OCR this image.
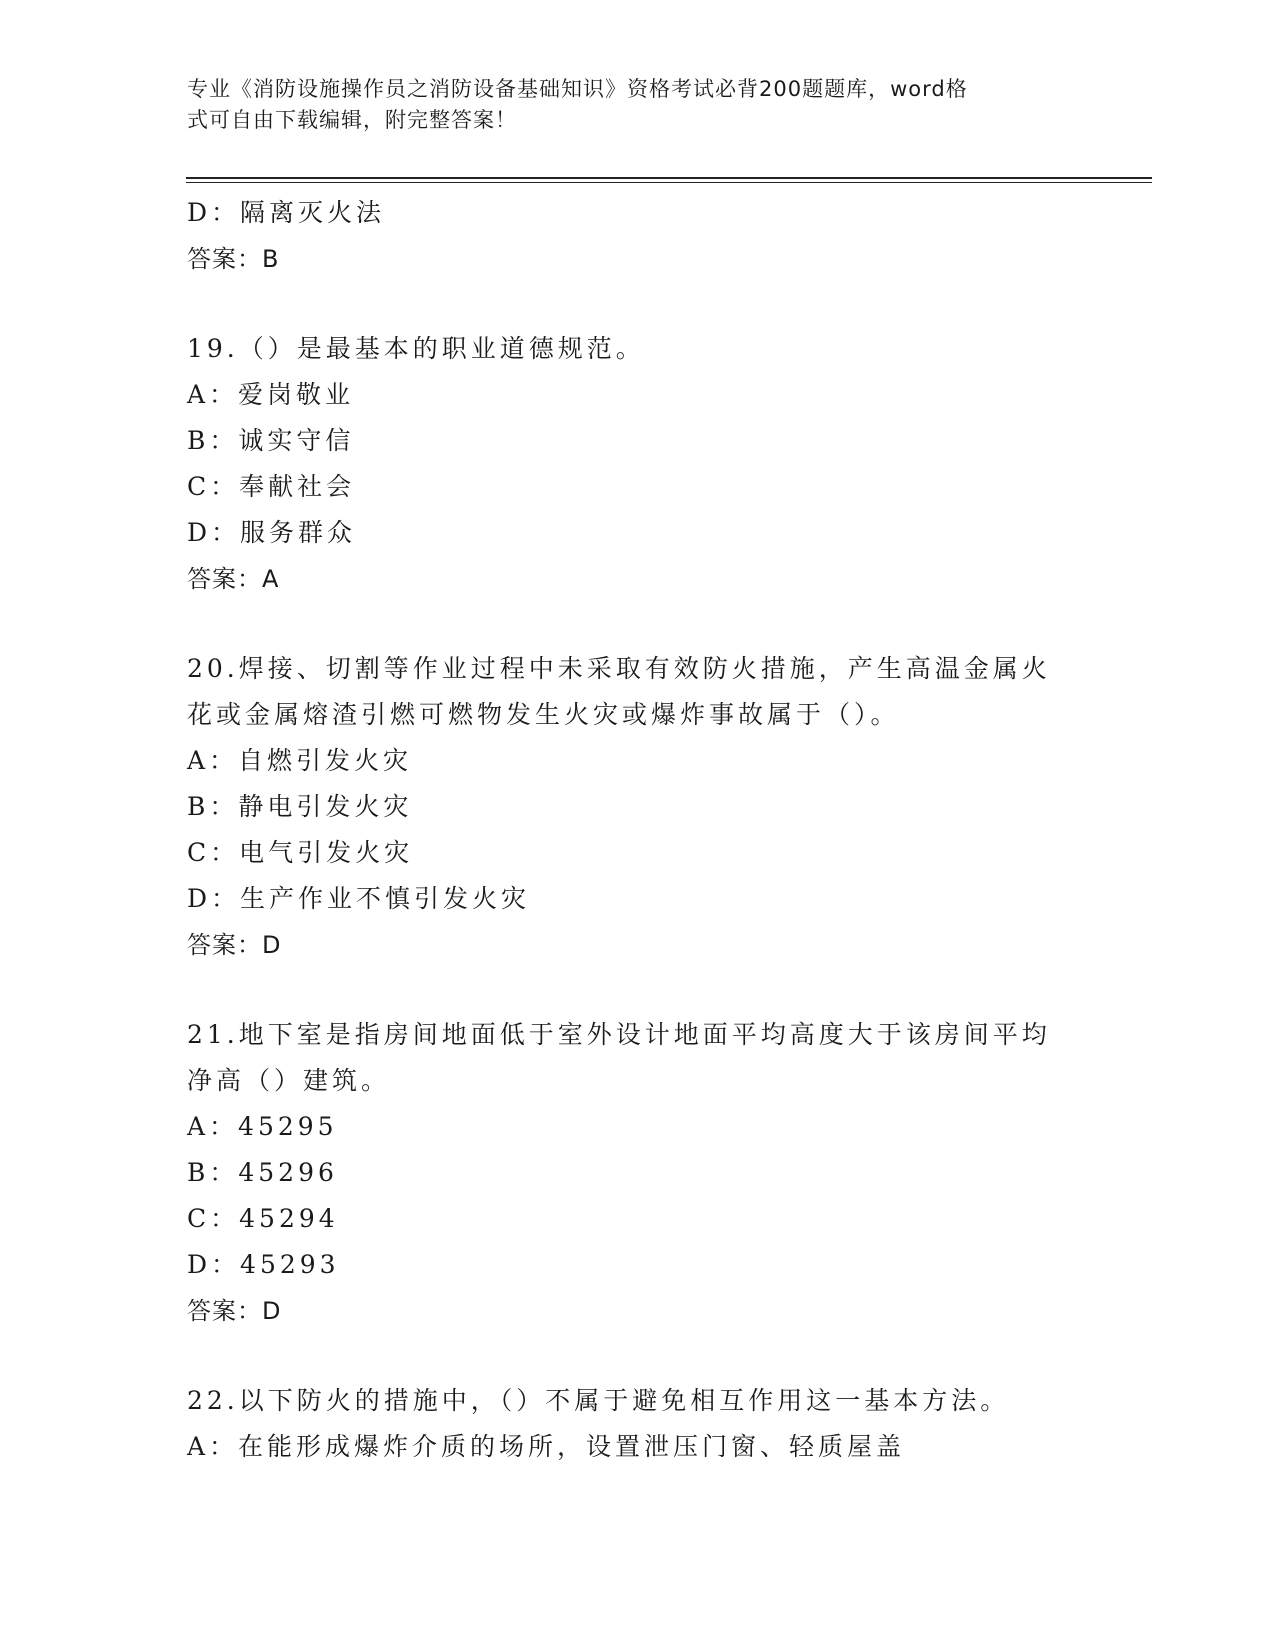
专业《消防设施操作员之消防设备基础知识》资格考试必背200题题库，word格
式可自由下载编辑，附完整答案！
D：隔离灭火法
答案：B
19.（）是最基本的职业道德规范。
A：爱岗敬业
B：诚实守信
C：奉献社会
D：服务群众
答案：A
20.焊接、切割等作业过程中未采取有效防火措施，产生高温金属火花或金属熔渣引燃可燃物发生火灾或爆炸事故属于（）。
A：自燃引发火灾
B：静电引发火灾
C：电气引发火灾
D：生产作业不慎引发火灾
答案：D
21.地下室是指房间地面低于室外设计地面平均高度大于该房间平均净高（）建筑。
A：45295
B：45296
C：45294
D：45293
答案：D
22.以下防火的措施中，（）不属于避免相互作用这一基本方法。
A：在能形成爆炸介质的场所，设置泄压门窗、轻质屋盖
